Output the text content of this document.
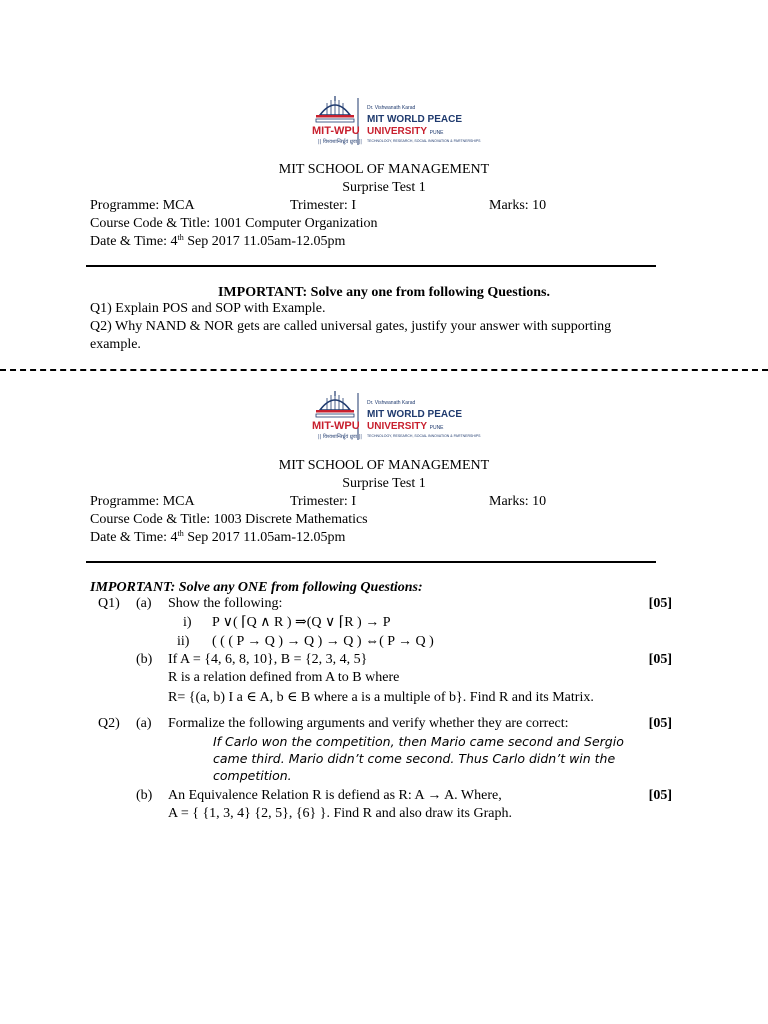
MIT-WPU
|| विश्वशान्तिर्ध्रुवं ध्रुवा ||
Dr. Vishwanath Karad
MIT WORLD PEACE
UNIVERSITY PUNE
TECHNOLOGY, RESEARCH, SOCIAL INNOVATION & PARTNERSHIPS
MIT SCHOOL OF MANAGEMENT
Surprise Test 1
Programme: MCA	Trimester: I	Marks: 10
Course Code & Title: 1001 Computer Organization
Date & Time: 4th Sep 2017 11.05am-12.05pm
IMPORTANT: Solve any one from following Questions.
Q1) Explain POS and SOP with Example.
Q2) Why NAND & NOR gets are called universal gates, justify your answer with supporting
example.
MIT-WPU
|| विश्वशान्तिर्ध्रुवं ध्रुवा ||
Dr. Vishwanath Karad
MIT WORLD PEACE
UNIVERSITY PUNE
TECHNOLOGY, RESEARCH, SOCIAL INNOVATION & PARTNERSHIPS
MIT SCHOOL OF MANAGEMENT
Surprise Test 1
Programme: MCA	Trimester: I	Marks: 10
Course Code & Title: 1003 Discrete Mathematics
Date & Time: 4th Sep 2017 11.05am-12.05pm
IMPORTANT: Solve any ONE from following Questions:
Q1) (a) Show the following:	[05]
i) P ∨( ⌈Q ∧ R ) ⇒(Q ∨ ⌈R ) → P
ii) ( ( ( P → Q ) → Q ) → Q ) ⇔( P → Q )
(b) If A = {4, 6, 8, 10}, B = {2, 3, 4, 5}	[05]
R is a relation defined from A to B where
R= {(a, b) I a ∈ A, b ∈ B where a is a multiple of b}. Find R and its Matrix.
Q2) (a) Formalize the following arguments and verify whether they are correct:	[05]
If Carlo won the competition, then Mario came second and Sergio
came third. Mario didn’t come second. Thus Carlo didn’t win the
competition.
(b) An Equivalence Relation R is defiend as R: A → A. Where,	[05]
A = { {1, 3, 4} {2, 5}, {6} }. Find R and also draw its Graph.
